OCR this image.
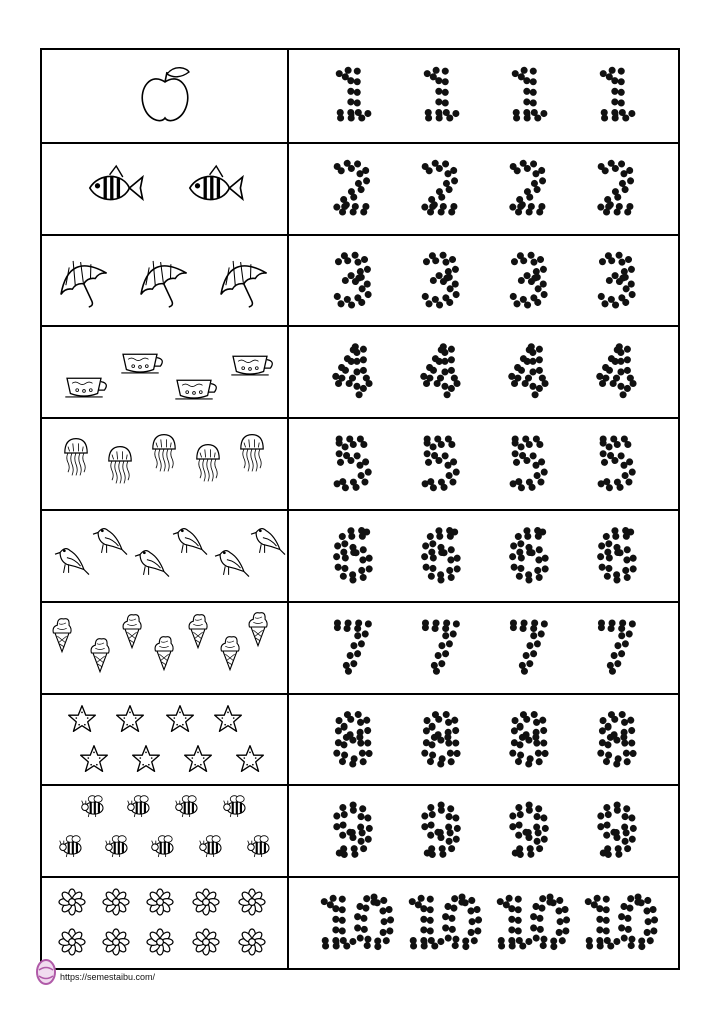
1 1 1 1
2 2 2 2
3 3 3 3
4 4 4 4
5 5 5 5
6 6 6 6
7 7 7 7
8 8 8 8
9 9 9 9
10 10 10 10
https://semestaibu.com/
